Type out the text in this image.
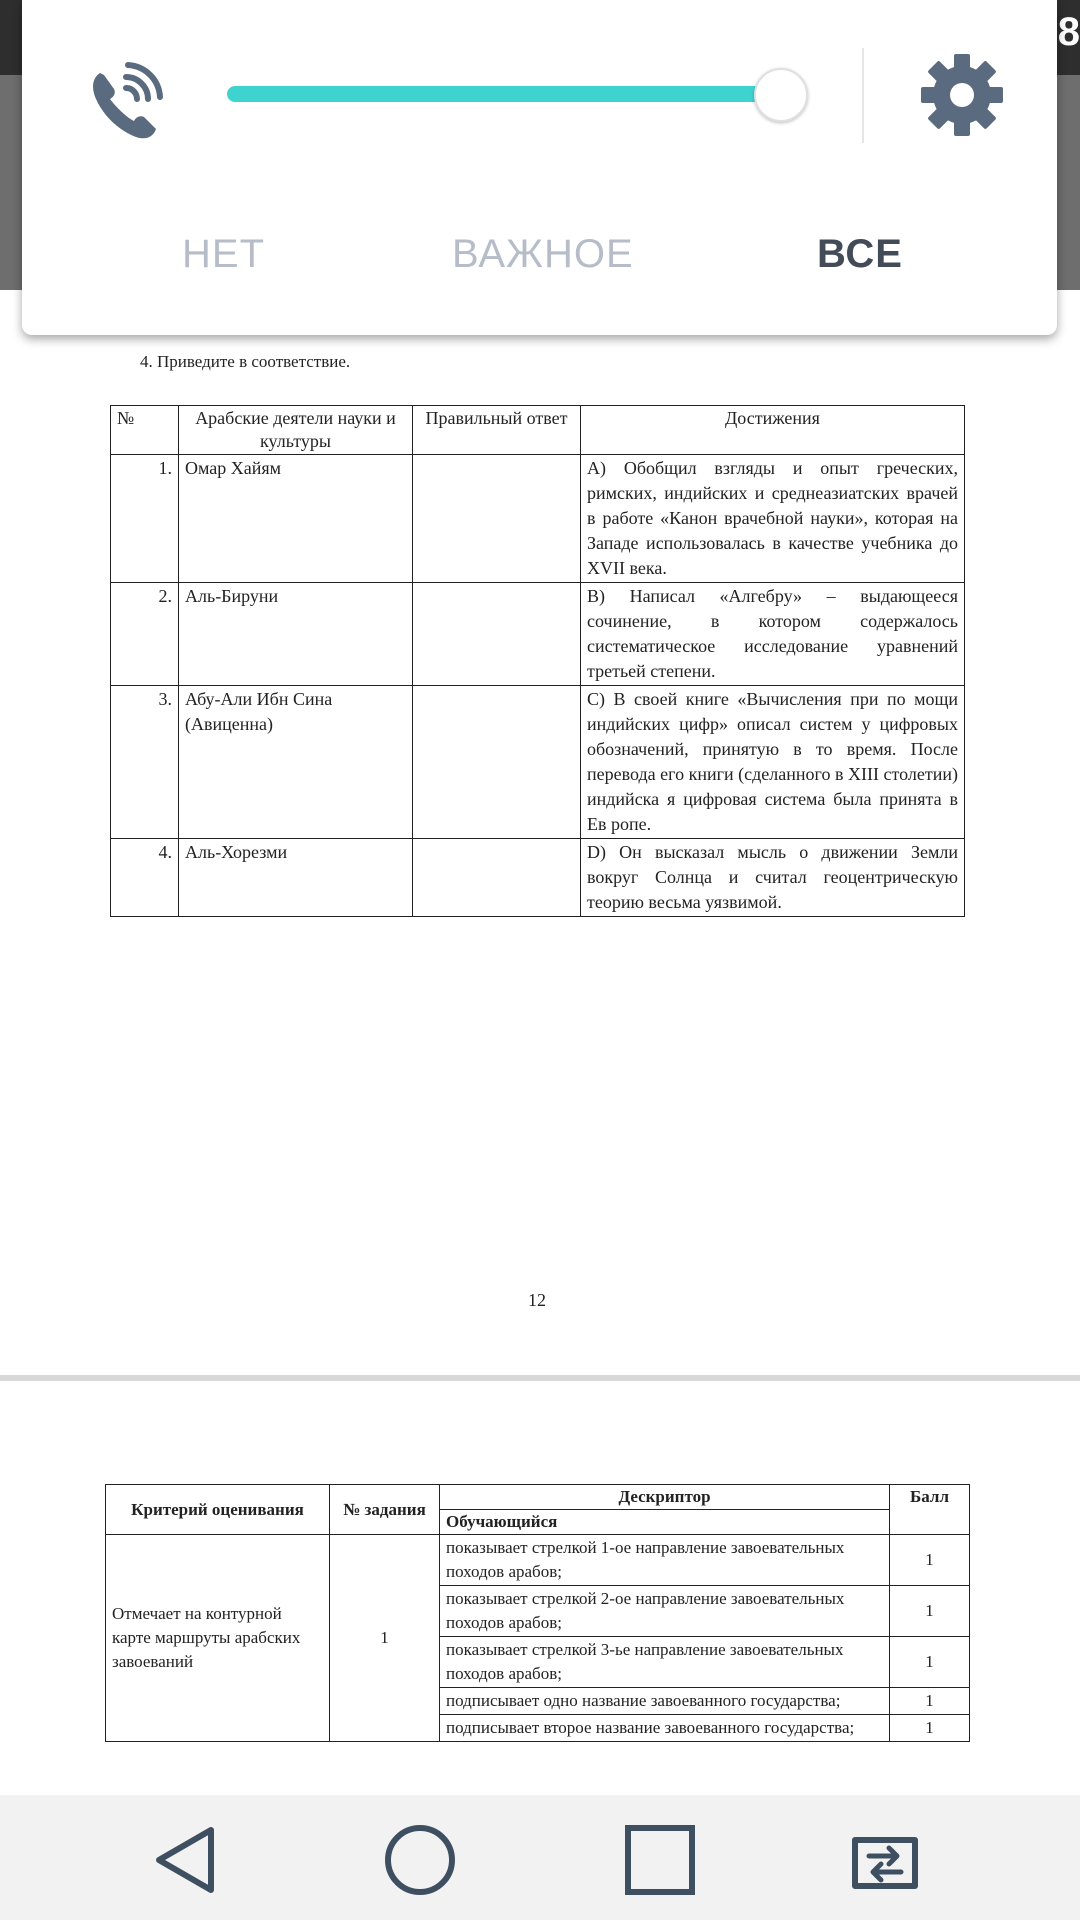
8
4. Приведите в соответствие.
№	Арабские деятели науки и культуры	Правильный ответ	Достижения
1.	Омар Хайям		A) Обобщил взгляды и опыт греческих, римских, индийских и среднеазиатских врачей в работе «Канон врачебной науки», которая на Западе использовалась в качестве учебника до XVII века.
2.	Аль-Бируни		B) Написал «Алгебру» – выдающееся сочинение, в котором содержалось систематическое исследование уравнений третьей степени.
3.	Абу-Али Ибн Сина (Авиценна)		C) В своей книге «Вычисления при по мощи индийских цифр» описал систем у цифровых обозначений, принятую в то время. После перевода его книги (сделанного в XIII столетии) индийска я цифровая система была принята в Ев ропе.
4.	Аль-Хорезми		D) Он высказал мысль о движении Земли вокруг Солнца и считал геоцентрическую теорию весьма уязвимой.
12
Критерий оценивания	№ задания	Дескриптор	Балл
		Обучающийся	
Отмечает на контурной карте маршруты арабских завоеваний	1	показывает стрелкой 1-ое направление завоевательных походов арабов;	1
		показывает стрелкой 2-ое направление завоевательных походов арабов;	1
		показывает стрелкой 3-ье направление завоевательных походов арабов;	1
		подписывает одно название завоеванного государства;	1
		подписывает второе название завоеванного государства;	1
НЕТ	ВАЖНОЕ	ВСЕ
